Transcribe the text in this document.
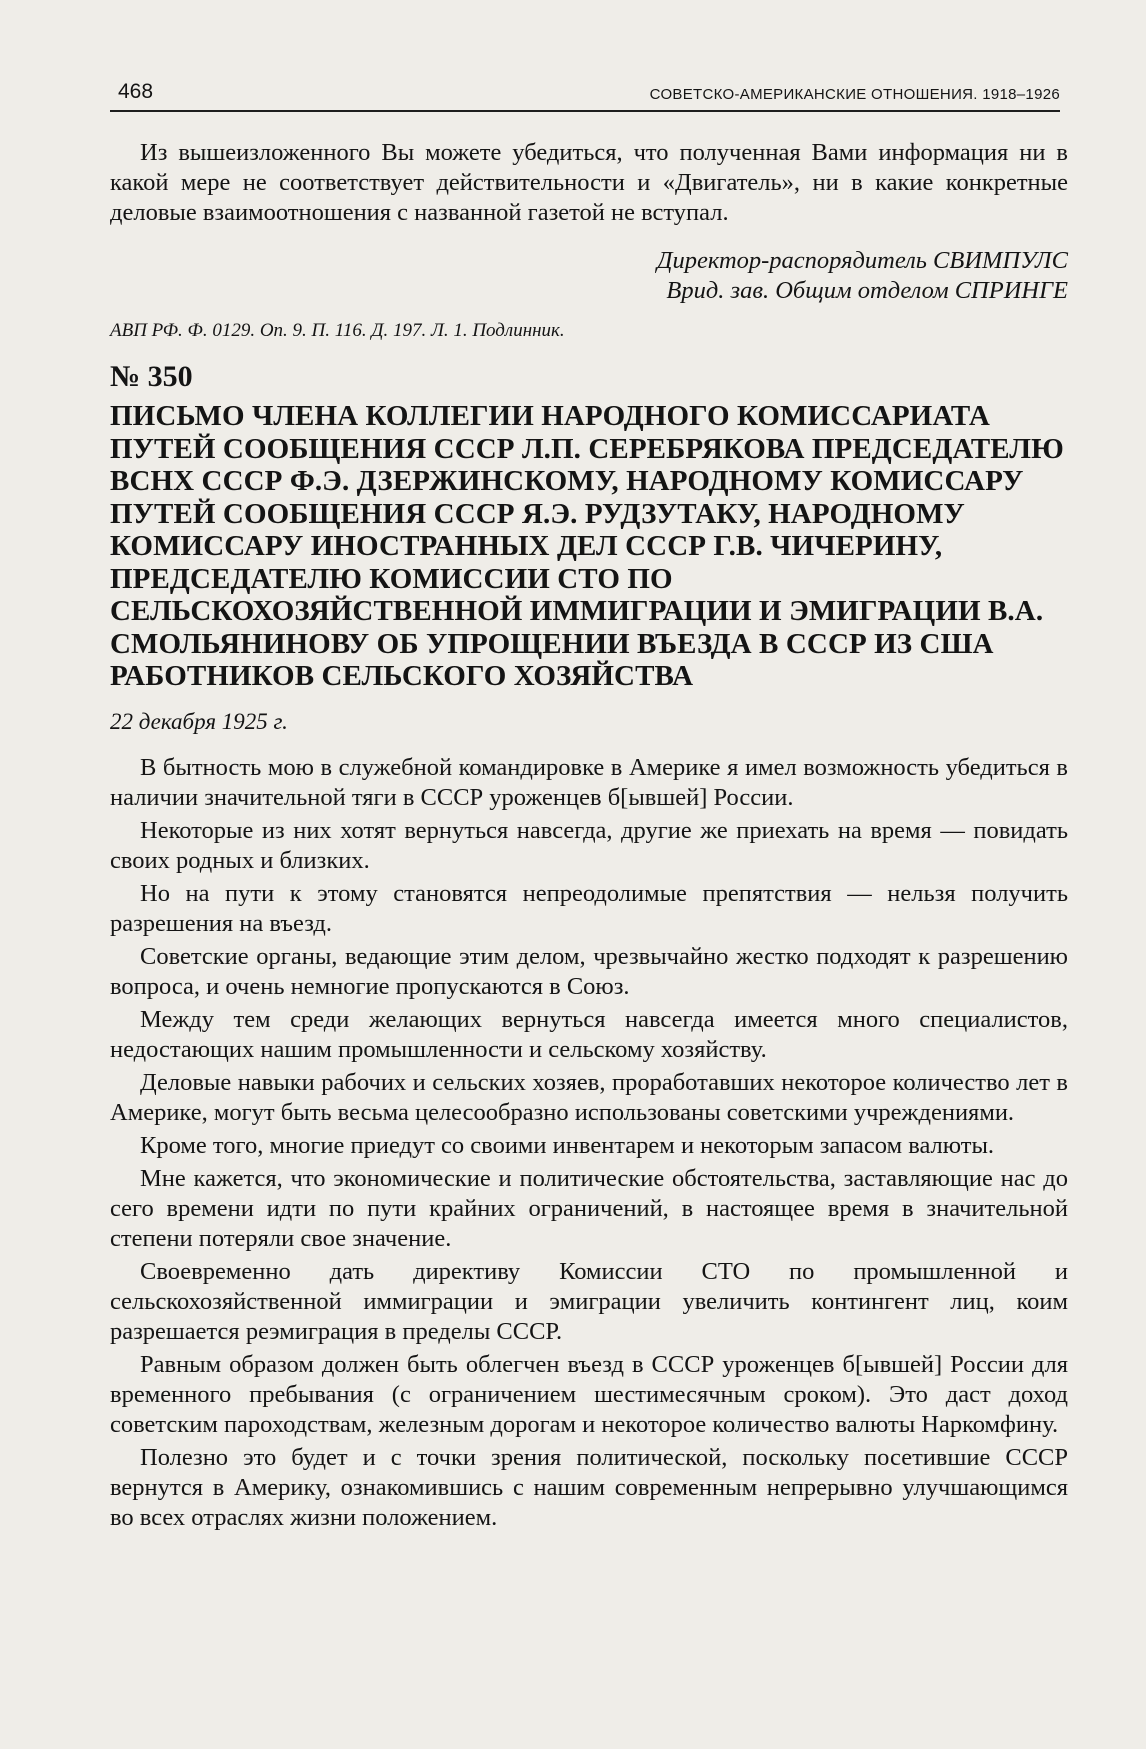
468	СОВЕТСКО-АМЕРИКАНСКИЕ ОТНОШЕНИЯ. 1918–1926

Из вышеизложенного Вы можете убедиться, что полученная Вами информация ни в какой мере не соответствует действительности и «Двигатель», ни в какие конкретные деловые взаимоотношения с названной газетой не вступал.

Директор-распорядитель СВИМПУЛС

Врид. зав. Общим отделом СПРИНГЕ

АВП РФ. Ф. 0129. Оп. 9. П. 116. Д. 197. Л. 1. Подлинник.

№ 350

ПИСЬМО ЧЛЕНА КОЛЛЕГИИ НАРОДНОГО КОМИССАРИАТА ПУТЕЙ СООБЩЕНИЯ СССР Л.П. СЕРЕБРЯКОВА ПРЕДСЕДАТЕЛЮ ВСНХ СССР Ф.Э. ДЗЕРЖИНСКОМУ, НАРОДНОМУ КОМИССАРУ ПУТЕЙ СООБЩЕНИЯ СССР Я.Э. РУДЗУТАКУ, НАРОДНОМУ КОМИССАРУ ИНОСТРАННЫХ ДЕЛ СССР Г.В. ЧИЧЕРИНУ, ПРЕДСЕДАТЕЛЮ КОМИССИИ СТО ПО СЕЛЬСКОХОЗЯЙСТВЕННОЙ ИММИГРАЦИИ И ЭМИГРАЦИИ В.А. СМОЛЬЯНИНОВУ ОБ УПРОЩЕНИИ ВЪЕЗДА В СССР ИЗ США РАБОТНИКОВ СЕЛЬСКОГО ХОЗЯЙСТВА

22 декабря 1925 г.

В бытность мою в служебной командировке в Америке я имел возможность убедиться в наличии значительной тяги в СССР уроженцев б[ывшей] России.

Некоторые из них хотят вернуться навсегда, другие же приехать на время — повидать своих родных и близких.

Но на пути к этому становятся непреодолимые препятствия — нельзя получить разрешения на въезд.

Советские органы, ведающие этим делом, чрезвычайно жестко подходят к разрешению вопроса, и очень немногие пропускаются в Союз.

Между тем среди желающих вернуться навсегда имеется много специалистов, недостающих нашим промышленности и сельскому хозяйству.

Деловые навыки рабочих и сельских хозяев, проработавших некоторое количество лет в Америке, могут быть весьма целесообразно использованы советскими учреждениями.

Кроме того, многие приедут со своими инвентарем и некоторым запасом валюты.

Мне кажется, что экономические и политические обстоятельства, заставляющие нас до сего времени идти по пути крайних ограничений, в настоящее время в значительной степени потеряли свое значение.

Своевременно дать директиву Комиссии СТО по промышленной и сельскохозяйственной иммиграции и эмиграции увеличить контингент лиц, коим разрешается реэмиграция в пределы СССР.

Равным образом должен быть облегчен въезд в СССР уроженцев б[ывшей] России для временного пребывания (с ограничением шестимесячным сроком). Это даст доход советским пароходствам, железным дорогам и некоторое количество валюты Наркомфину.

Полезно это будет и с точки зрения политической, поскольку посетившие СССР вернутся в Америку, ознакомившись с нашим современным непрерывно улучшающимся во всех отраслях жизни положением.
